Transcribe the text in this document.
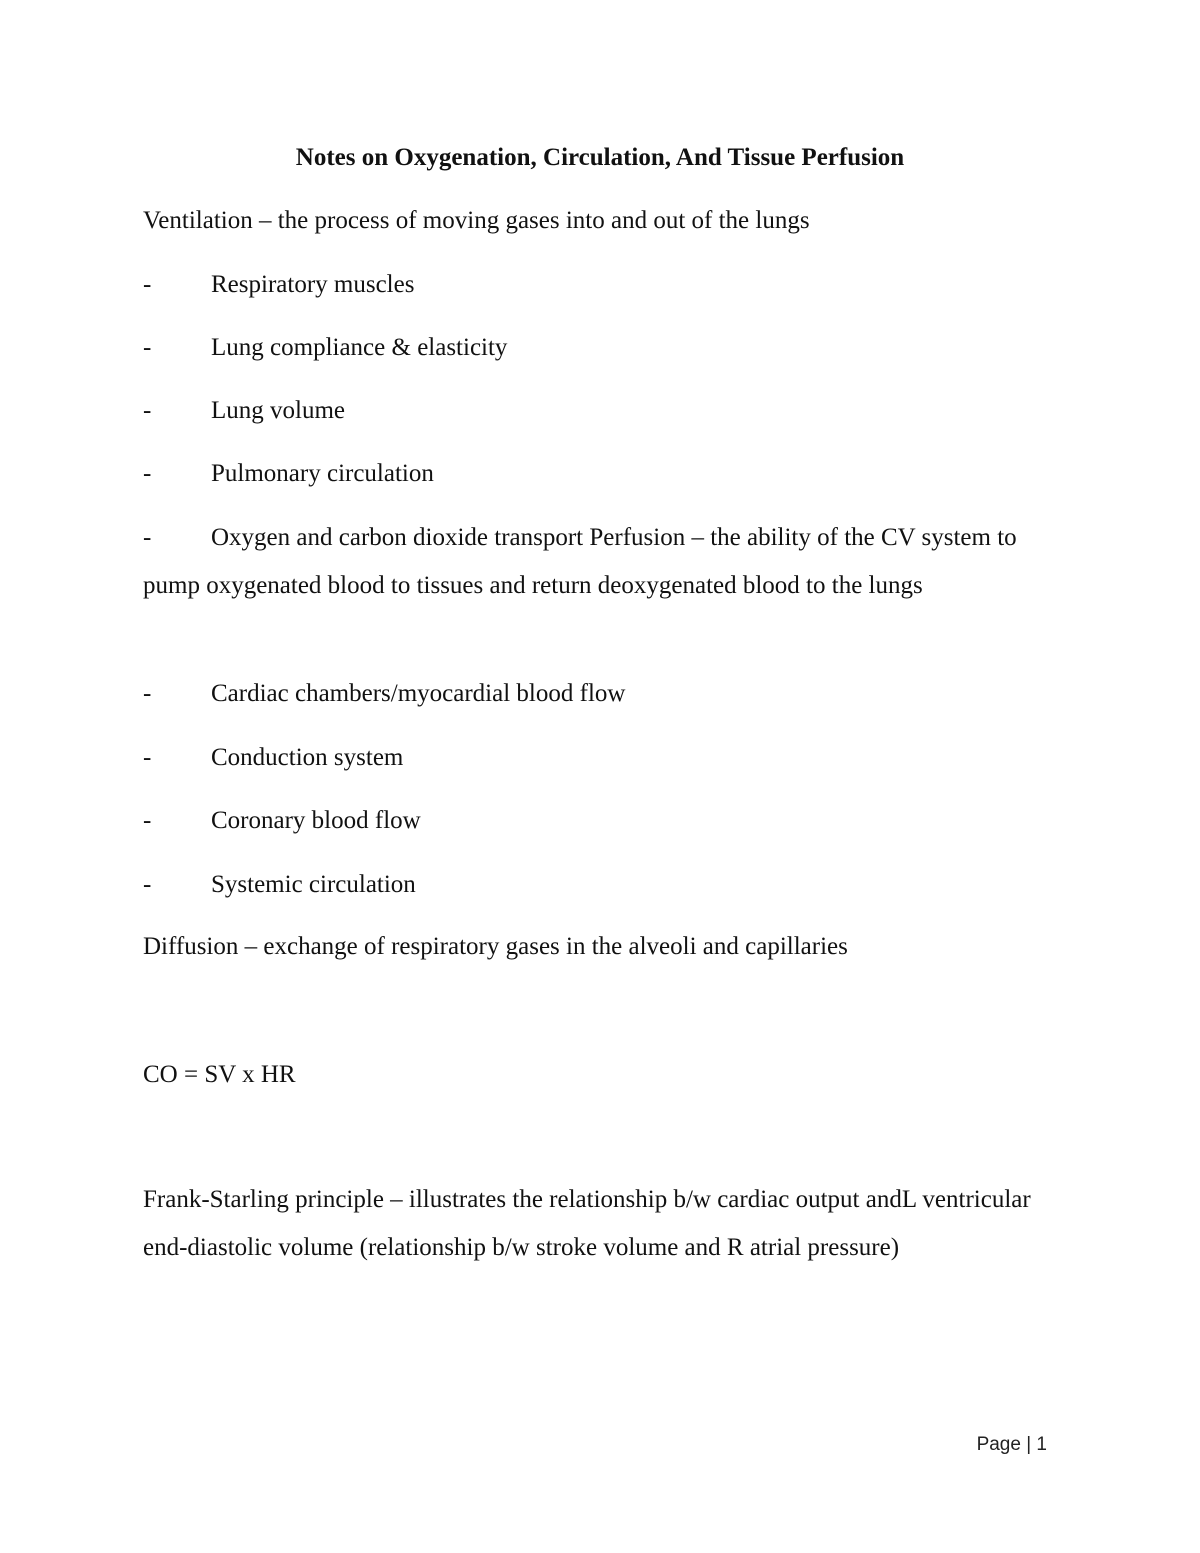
Notes on Oxygenation, Circulation, And Tissue Perfusion

Ventilation – the process of moving gases into and out of the lungs

- Respiratory muscles
- Lung compliance & elasticity
- Lung volume
- Pulmonary circulation

- Oxygen and carbon dioxide transport Perfusion – the ability of the CV system to pump oxygenated blood to tissues and return deoxygenated blood to the lungs

- Cardiac chambers/myocardial blood flow
- Conduction system
- Coronary blood flow
- Systemic circulation

Diffusion – exchange of respiratory gases in the alveoli and capillaries

CO = SV x HR

Frank-Starling principle – illustrates the relationship b/w cardiac output andL ventricular end-diastolic volume (relationship b/w stroke volume and R atrial pressure)

Page | 1
